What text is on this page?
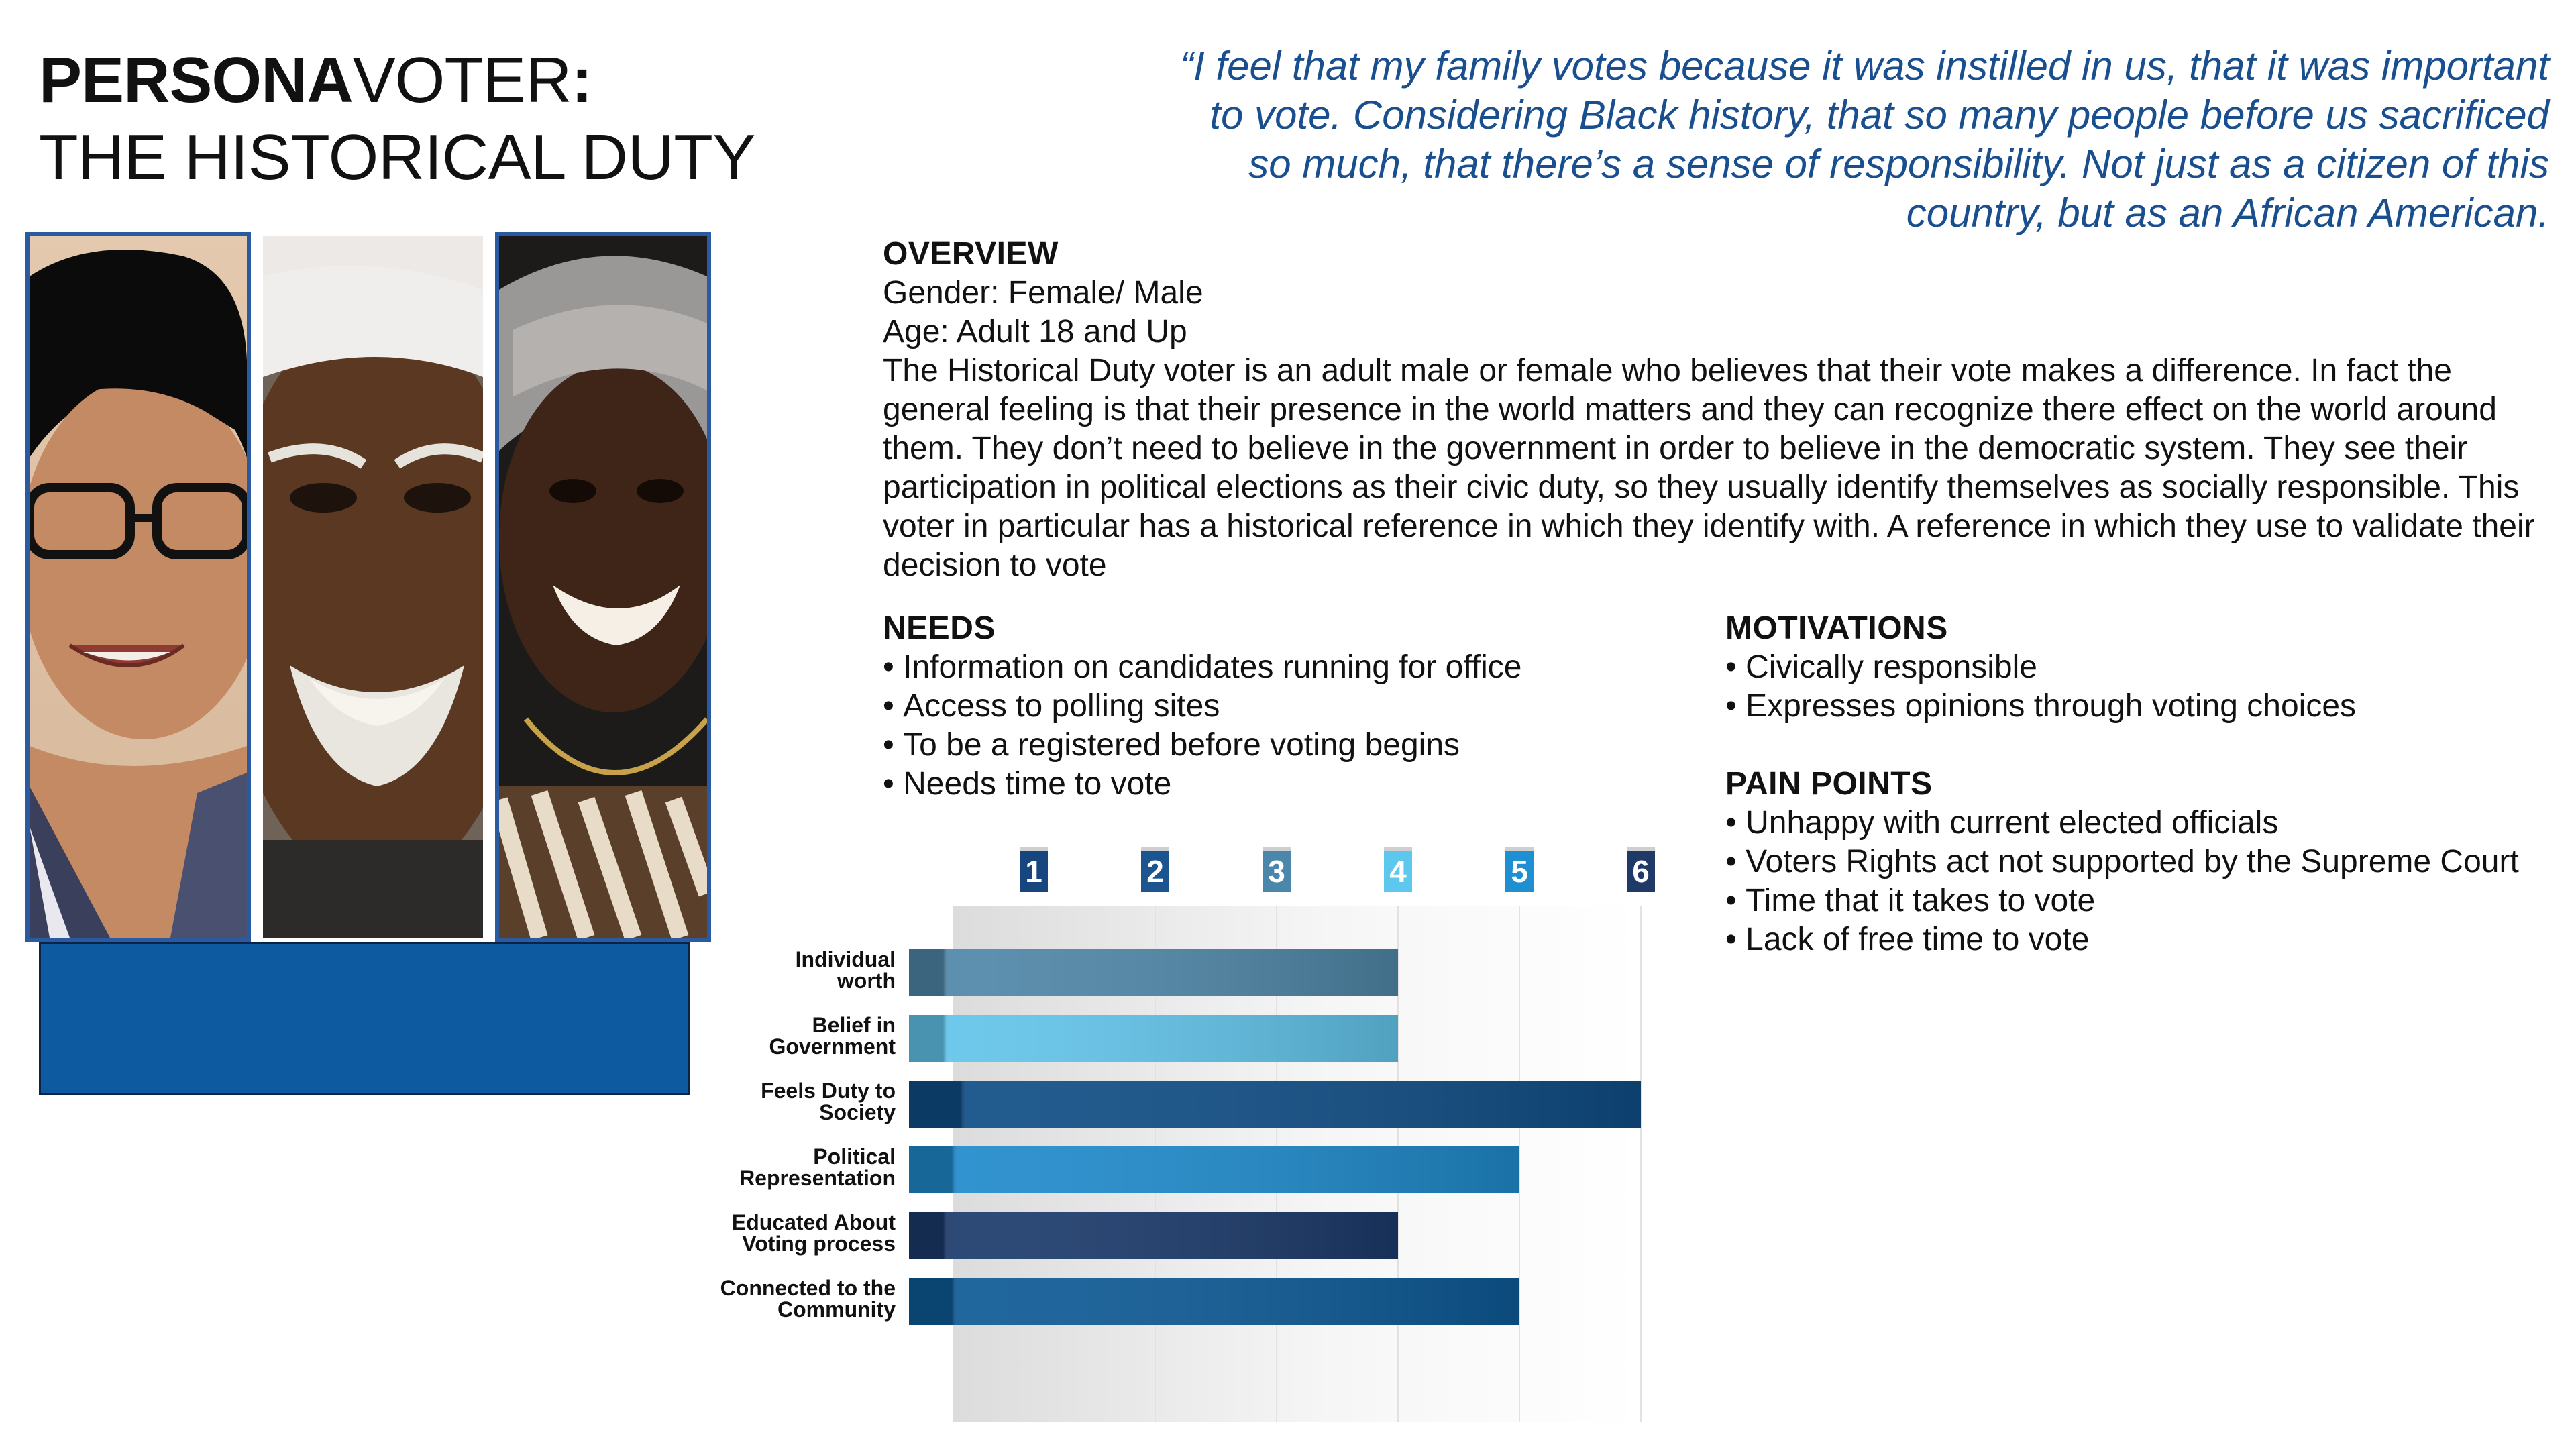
PERSONAVOTER:
THE HISTORICAL DUTY
“I feel that my family votes because it was instilled in us, that it was important to vote. Considering Black history, that so many people before us sacrificed so much, that there’s a sense of responsibility. Not just as a citizen of this country, but as an African American.
OVERVIEW

Gender: Female/ Male

Age: Adult 18 and Up

The Historical Duty voter is an adult male or female who believes that their vote makes a difference. In fact the general feeling is that their presence in the world matters and they can recognize there effect on the world around them. They don’t need to believe in the government in order to believe in the democratic system. They see their participation in political elections as their civic duty, so they usually identify themselves as socially responsible. This voter in particular has a historical reference in which they identify with. A reference in which they use to validate their decision to vote

NEEDS
• Information on candidates running for office
• Access to polling sites
• To be a registered before voting begins
• Needs time to vote
MOTIVATIONS
• Civically responsible
• Expresses opinions through voting choices
PAIN POINTS
• Unhappy with current elected officials
• Voters Rights act not supported by the Supreme Court
• Time that it takes to vote
• Lack of free time to vote
1	2	3	4	5	6
Individual worth
Belief in Government
Feels Duty to Society
Political Representation
Educated About Voting process
Connected to the Community
